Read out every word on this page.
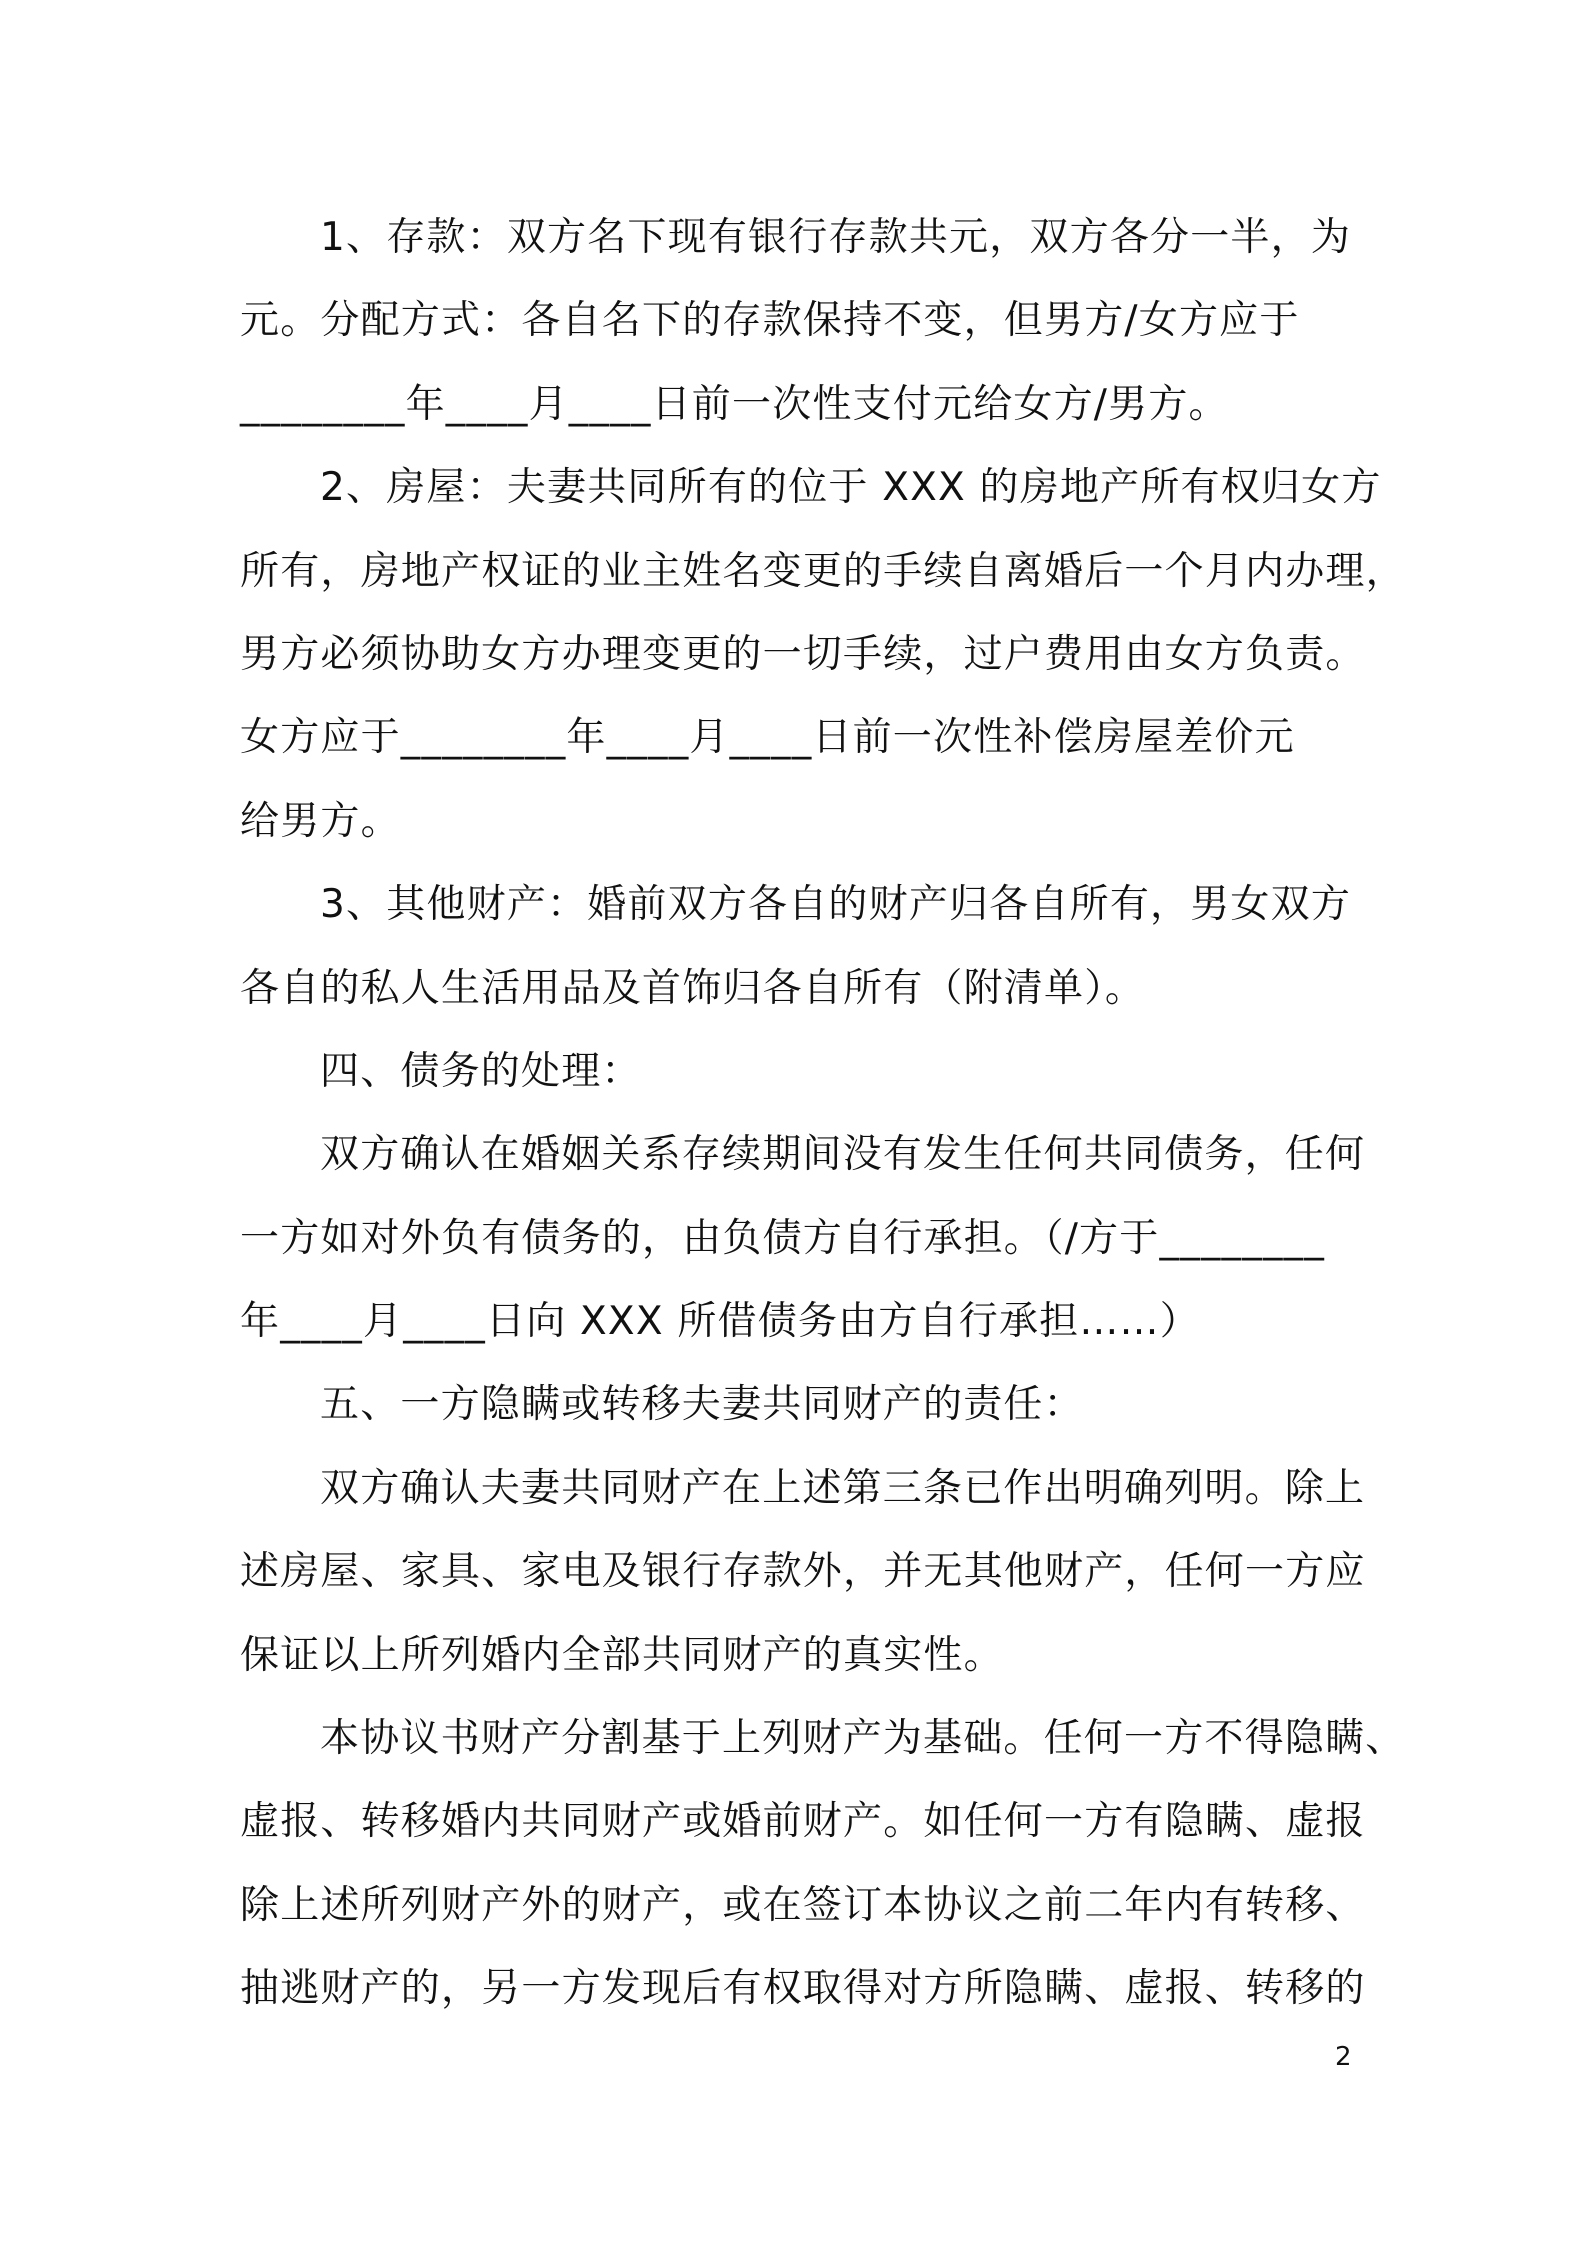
1、存款：双方名下现有银行存款共元，双方各分一半，为
元。分配方式：各自名下的存款保持不变，但男方/女方应于
________年____月____日前一次性支付元给女方/男方。
2、房屋：夫妻共同所有的位于 XXX 的房地产所有权归女方
所有，房地产权证的业主姓名变更的手续自离婚后一个月内办理，
男方必须协助女方办理变更的一切手续，过户费用由女方负责。
女方应于________年____月____日前一次性补偿房屋差价元
给男方。
3、其他财产：婚前双方各自的财产归各自所有，男女双方
各自的私人生活用品及首饰归各自所有（附清单）。
四、债务的处理：
双方确认在婚姻关系存续期间没有发生任何共同债务，任何
一方如对外负有债务的，由负债方自行承担。（/方于________
年____月____日向 XXX 所借债务由方自行承担……）
五、一方隐瞒或转移夫妻共同财产的责任：
双方确认夫妻共同财产在上述第三条已作出明确列明。除上
述房屋、家具、家电及银行存款外，并无其他财产，任何一方应
保证以上所列婚内全部共同财产的真实性。
本协议书财产分割基于上列财产为基础。任何一方不得隐瞒、
虚报、转移婚内共同财产或婚前财产。如任何一方有隐瞒、虚报
除上述所列财产外的财产，或在签订本协议之前二年内有转移、
抽逃财产的，另一方发现后有权取得对方所隐瞒、虚报、转移的
2
